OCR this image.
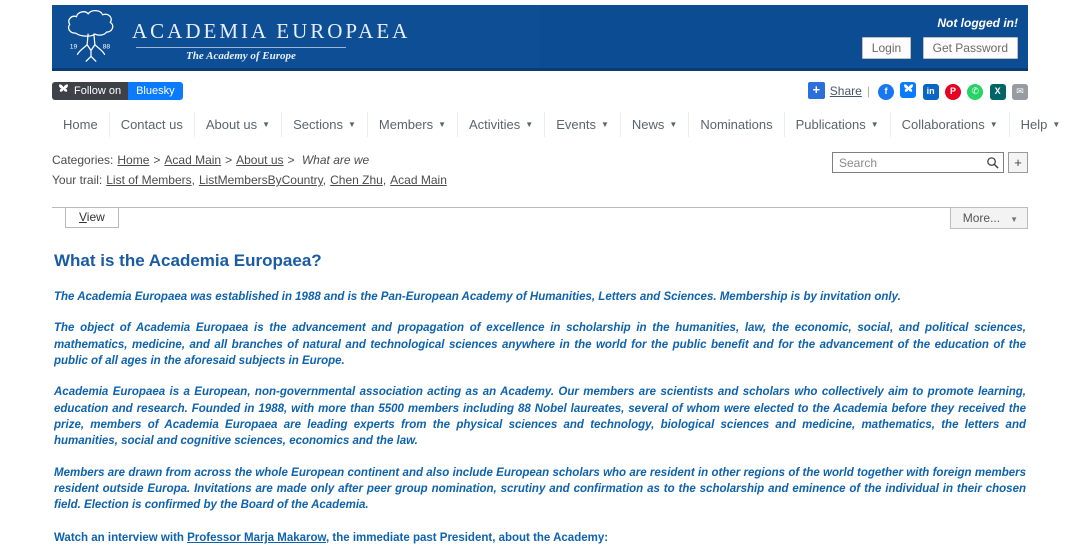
19	88
ACADEMIA EUROPAEA
The Academy of Europe
Not logged in!
Login	Get Password
Follow on	Bluesky	+ Share | f

	in
P
✆
X
✉
Home Contact us About us ▼ Sections ▼ Members ▼ Activities ▼ Events ▼ News ▼ Nominations Publications ▼ Collaborations ▼ Help ▼
Categories: Home > Acad Main > About us > What are we
Your trail: List of Members, ListMembersByCountry, Chen Zhu, Acad Main
Search
+
View	More... ▼
What is the Academia Europaea?

The Academia Europaea was established in 1988 and is the Pan-European Academy of Humanities, Letters and Sciences. Membership is by invitation only.

The object of Academia Europaea is the advancement and propagation of excellence in scholarship in the humanities, law, the economic, social, and political sciences, mathematics, medicine, and all branches of natural and technological sciences anywhere in the world for the public benefit and for the advancement of the education of the public of all ages in the aforesaid subjects in Europe.

Academia Europaea is a European, non-governmental association acting as an Academy. Our members are scientists and scholars who collectively aim to promote learning, education and research. Founded in 1988, with more than 5500 members including 88 Nobel laureates, several of whom were elected to the Academia before they received the prize, members of Academia Europaea are leading experts from the physical sciences and technology, biological sciences and medicine, mathematics, the letters and humanities, social and cognitive sciences, economics and the law.

Members are drawn from across the whole European continent and also include European scholars who are resident in other regions of the world together with foreign members resident outside Europa. Invitations are made only after peer group nomination, scrutiny and confirmation as to the scholarship and eminence of the individual in their chosen field. Election is confirmed by the Board of the Academia.

Watch an interview with Professor Marja Makarow, the immediate past President, about the Academy:
